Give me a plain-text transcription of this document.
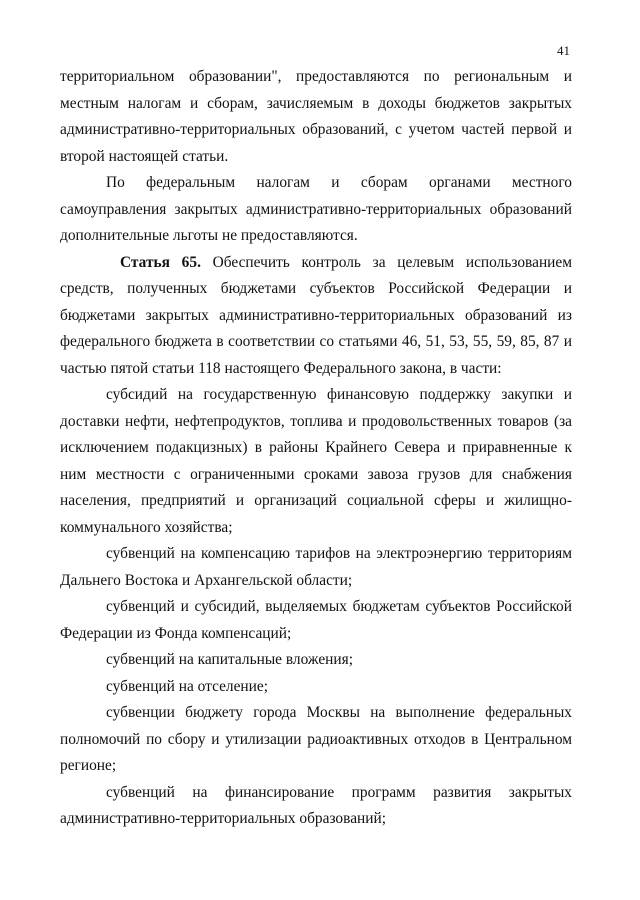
41

территориальном образовании", предоставляются по региональным и местным налогам и сборам, зачисляемым в доходы бюджетов закрытых административно-территориальных образований, с учетом частей первой и второй настоящей статьи.

По федеральным налогам и сборам органами местного самоуправления закрытых административно-территориальных образований дополнительные льготы не предоставляются.

Статья 65. Обеспечить контроль за целевым использованием средств, полученных бюджетами субъектов Российской Федерации и бюджетами закрытых административно-территориальных образований из федерального бюджета в соответствии со статьями 46, 51, 53, 55, 59, 85, 87 и частью пятой статьи 118 настоящего Федерального закона, в части:

субсидий на государственную финансовую поддержку закупки и доставки нефти, нефтепродуктов, топлива и продовольственных товаров (за исключением подакцизных) в районы Крайнего Севера и приравненные к ним местности с ограниченными сроками завоза грузов для снабжения населения, предприятий и организаций социальной сферы и жилищно-коммунального хозяйства;

субвенций на компенсацию тарифов на электроэнергию территориям Дальнего Востока и Архангельской области;

субвенций и субсидий, выделяемых бюджетам субъектов Российской Федерации из Фонда компенсаций;

субвенций на капитальные вложения;

субвенций на отселение;

субвенции бюджету города Москвы на выполнение федеральных полномочий по сбору и утилизации радиоактивных отходов в Центральном регионе;

субвенций на финансирование программ развития закрытых административно-территориальных образований;
